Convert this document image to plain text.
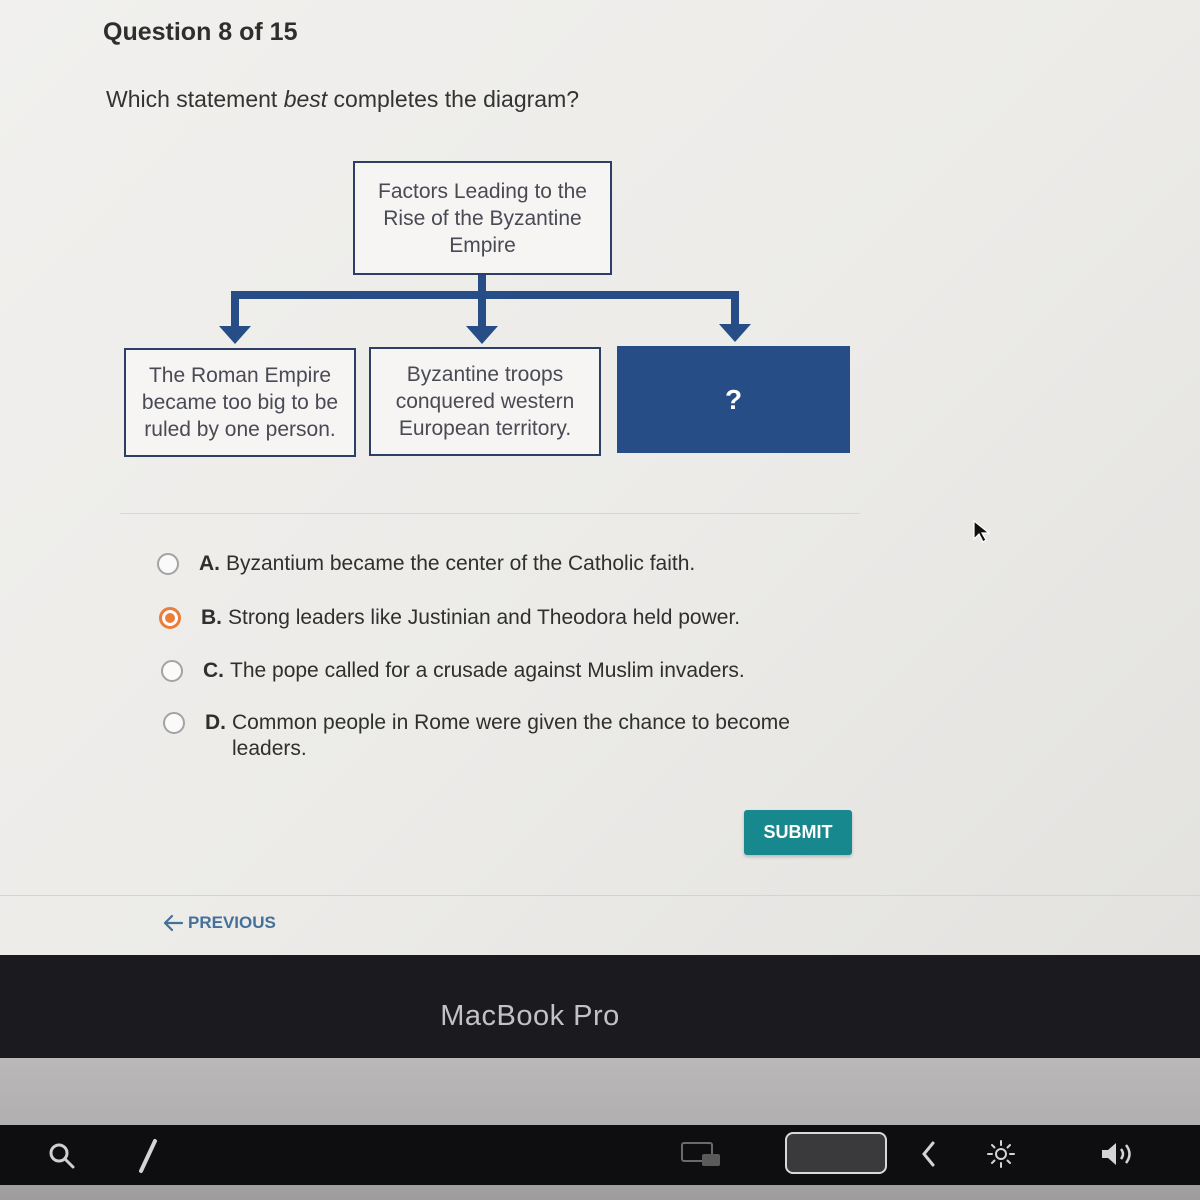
Question 8 of 15
Which statement best completes the diagram?
Factors Leading to the Rise of the Byzantine Empire
The Roman Empire became too big to be ruled by one person.
Byzantine troops conquered western European territory.
?
A. Byzantium became the center of the Catholic faith.
B. Strong leaders like Justinian and Theodora held power.
C. The pope called for a crusade against Muslim invaders.
D. Common people in Rome were given the chance to become leaders.
SUBMIT
PREVIOUS
MacBook Pro
